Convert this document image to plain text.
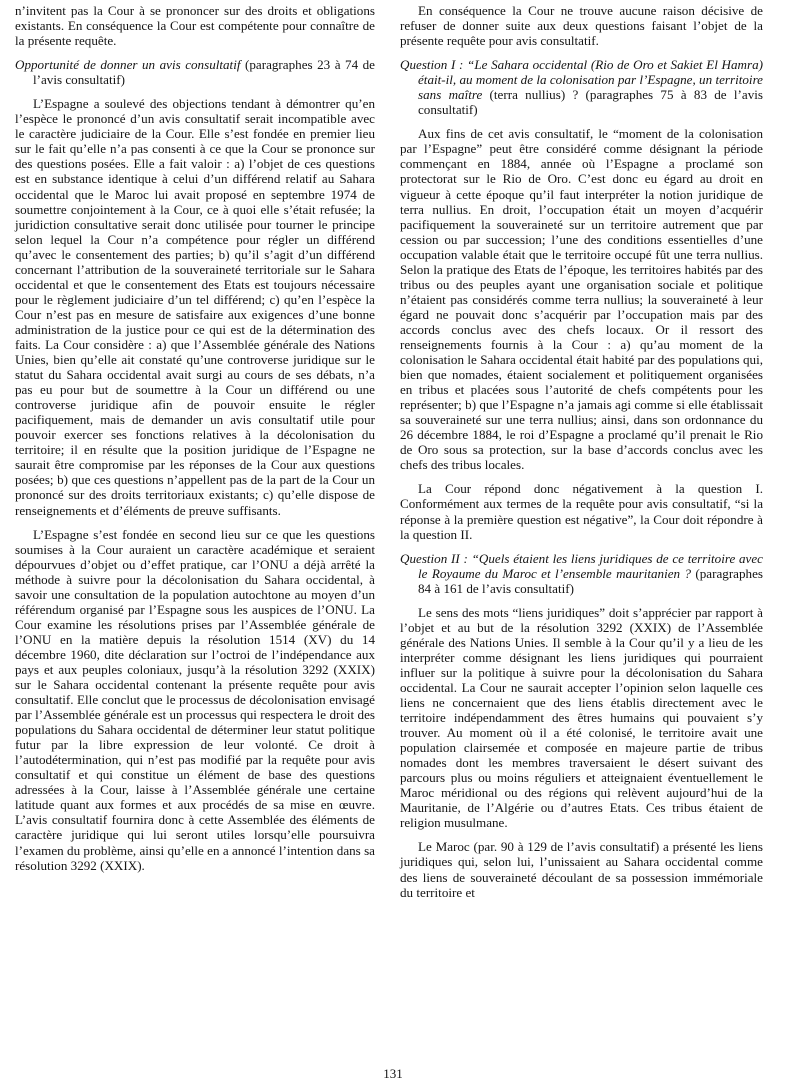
n’invitent pas la Cour à se prononcer sur des droits et obligations existants. En conséquence la Cour est compétente pour connaître de la présente requête.

Opportunité de donner un avis consultatif (paragraphes 23 à 74 de l’avis consultatif)

L’Espagne a soulevé des objections tendant à démontrer qu’en l’espèce le prononcé d’un avis consultatif serait incompatible avec le caractère judiciaire de la Cour. Elle s’est fondée en premier lieu sur le fait qu’elle n’a pas consenti à ce que la Cour se prononce sur des questions posées. Elle a fait valoir : a) l’objet de ces questions est en substance identique à celui d’un différend relatif au Sahara occidental que le Maroc lui avait proposé en septembre 1974 de soumettre conjointement à la Cour, ce à quoi elle s’était refusée; la juridiction consultative serait donc utilisée pour tourner le principe selon lequel la Cour n’a compétence pour régler un différend qu’avec le consentement des parties; b) qu’il s’agit d’un différend concernant l’attribution de la souveraineté territoriale sur le Sahara occidental et que le consentement des Etats est toujours nécessaire pour le règlement judiciaire d’un tel différend; c) qu’en l’espèce la Cour n’est pas en mesure de satisfaire aux exigences d’une bonne administration de la justice pour ce qui est de la détermination des faits. La Cour considère : a) que l’Assemblée générale des Nations Unies, bien qu’elle ait constaté qu’une controverse juridique sur le statut du Sahara occidental avait surgi au cours de ses débats, n’a pas eu pour but de soumettre à la Cour un différend ou une controverse juridique afin de pouvoir ensuite le régler pacifiquement, mais de demander un avis consultatif utile pour pouvoir exercer ses fonctions relatives à la décolonisation du territoire; il en résulte que la position juridique de l’Espagne ne saurait être compromise par les réponses de la Cour aux questions posées; b) que ces questions n’appellent pas de la part de la Cour un prononcé sur des droits territoriaux existants; c) qu’elle dispose de renseignements et d’éléments de preuve suffisants.

L’Espagne s’est fondée en second lieu sur ce que les questions soumises à la Cour auraient un caractère académique et seraient dépourvues d’objet ou d’effet pratique, car l’ONU a déjà arrêté la méthode à suivre pour la décolonisation du Sahara occidental, à savoir une consultation de la population autochtone au moyen d’un référendum organisé par l’Espagne sous les auspices de l’ONU. La Cour examine les résolutions prises par l’Assemblée générale de l’ONU en la matière depuis la résolution 1514 (XV) du 14 décembre 1960, dite déclaration sur l’octroi de l’indépendance aux pays et aux peuples coloniaux, jusqu’à la résolution 3292 (XXIX) sur le Sahara occidental contenant la présente requête pour avis consultatif. Elle conclut que le processus de décolonisation envisagé par l’Assemblée générale est un processus qui respectera le droit des populations du Sahara occidental de déterminer leur statut politique futur par la libre expression de leur volonté. Ce droit à l’autodétermination, qui n’est pas modifié par la requête pour avis consultatif et qui constitue un élément de base des questions adressées à la Cour, laisse à l’Assemblée générale une certaine latitude quant aux formes et aux procédés de sa mise en œuvre. L’avis consultatif fournira donc à cette Assemblée des éléments de caractère juridique qui lui seront utiles lorsqu’elle poursuivra l’examen du problème, ainsi qu’elle en a annoncé l’intention dans sa résolution 3292 (XXIX).

En conséquence la Cour ne trouve aucune raison décisive de refuser de donner suite aux deux questions faisant l’objet de la présente requête pour avis consultatif.

Question I : “Le Sahara occidental (Rio de Oro et Sakiet El Hamra) était-il, au moment de la colonisation par l’Espagne, un territoire sans maître (terra nullius) ? (paragraphes 75 à 83 de l’avis consultatif)

Aux fins de cet avis consultatif, le “moment de la colonisation par l’Espagne” peut être considéré comme désignant la période commençant en 1884, année où l’Espagne a proclamé son protectorat sur le Rio de Oro. C’est donc eu égard au droit en vigueur à cette époque qu’il faut interpréter la notion juridique de terra nullius. En droit, l’occupation était un moyen d’acquérir pacifiquement la souveraineté sur un territoire autrement que par cession ou par succession; l’une des conditions essentielles d’une occupation valable était que le territoire occupé fût une terra nullius. Selon la pratique des Etats de l’époque, les territoires habités par des tribus ou des peuples ayant une organisation sociale et politique n’étaient pas considérés comme terra nullius; la souveraineté à leur égard ne pouvait donc s’acquérir par l’occupation mais par des accords conclus avec des chefs locaux. Or il ressort des renseignements fournis à la Cour : a) qu’au moment de la colonisation le Sahara occidental était habité par des populations qui, bien que nomades, étaient socialement et politiquement organisées en tribus et placées sous l’autorité de chefs compétents pour les représenter; b) que l’Espagne n’a jamais agi comme si elle établissait sa souveraineté sur une terra nullius; ainsi, dans son ordonnance du 26 décembre 1884, le roi d’Espagne a proclamé qu’il prenait le Rio de Oro sous sa protection, sur la base d’accords conclus avec les chefs des tribus locales.

La Cour répond donc négativement à la question I. Conformément aux termes de la requête pour avis consultatif, “si la réponse à la première question est négative”, la Cour doit répondre à la question II.

Question II : “Quels étaient les liens juridiques de ce territoire avec le Royaume du Maroc et l’ensemble mauritanien ? (paragraphes 84 à 161 de l’avis consultatif)

Le sens des mots “liens juridiques” doit s’apprécier par rapport à l’objet et au but de la résolution 3292 (XXIX) de l’Assemblée générale des Nations Unies. Il semble à la Cour qu’il y a lieu de les interpréter comme désignant les liens juridiques qui pourraient influer sur la politique à suivre pour la décolonisation du Sahara occidental. La Cour ne saurait accepter l’opinion selon laquelle ces liens ne concernaient que des liens établis directement avec le territoire indépendamment des êtres humains qui pouvaient s’y trouver. Au moment où il a été colonisé, le territoire avait une population clairsemée et composée en majeure partie de tribus nomades dont les membres traversaient le désert suivant des parcours plus ou moins réguliers et atteignaient éventuellement le Maroc méridional ou des régions qui relèvent aujourd’hui de la Mauritanie, de l’Algérie ou d’autres Etats. Ces tribus étaient de religion musulmane.

Le Maroc (par. 90 à 129 de l’avis consultatif) a présenté les liens juridiques qui, selon lui, l’unissaient au Sahara occidental comme des liens de souveraineté découlant de sa possession immémoriale du territoire et

131
